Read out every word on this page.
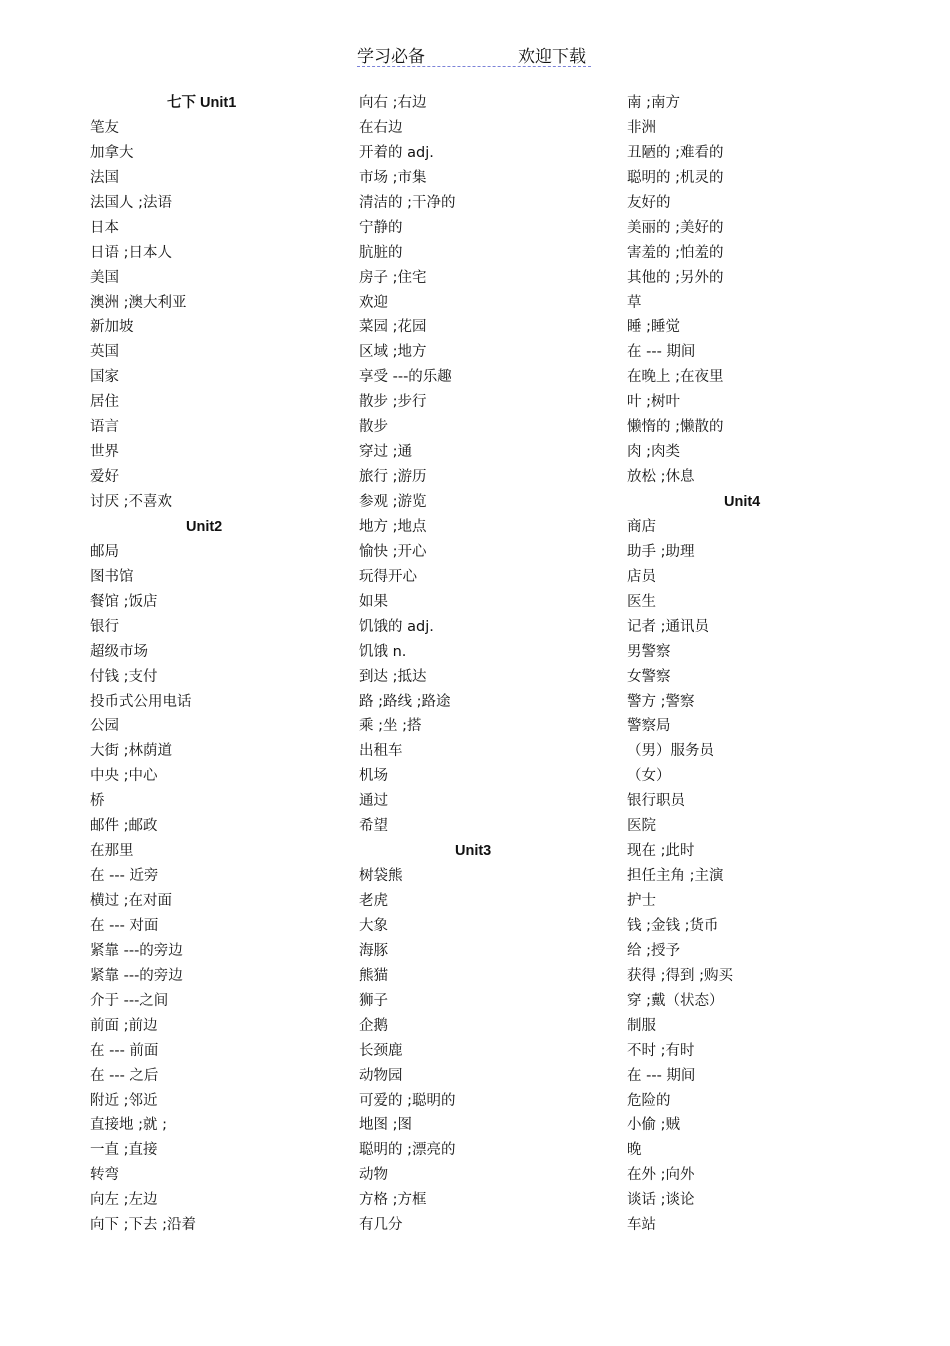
学习必备	欢迎下载
七下 Unit1
笔友
加拿大
法国
法国人 ;法语
日本
日语 ;日本人
美国
澳洲 ;澳大利亚
新加坡
英国
国家
居住
语言
世界
爱好
讨厌 ;不喜欢
Unit2
邮局
图书馆
餐馆 ;饭店
银行
超级市场
付钱 ;支付
投币式公用电话
公园
大街 ;林荫道
中央 ;中心
桥
邮件 ;邮政
在那里
在 --- 近旁
横过 ;在对面
在 --- 对面
紧靠 ---的旁边
紧靠 ---的旁边
介于 ---之间
前面 ;前边
在 --- 前面
在 --- 之后
附近 ;邻近
直接地 ;就 ;
一直 ;直接
转弯
向左 ;左边
向下 ;下去 ;沿着
向右 ;右边
在右边
开着的 adj.
市场 ;市集
清洁的 ;干净的
宁静的
肮脏的
房子 ;住宅
欢迎
菜园 ;花园
区域 ;地方
享受 ---的乐趣
散步 ;步行
散步
穿过 ;通
旅行 ;游历
参观 ;游览
地方 ;地点
愉快 ;开心
玩得开心
如果
饥饿的 adj.
饥饿 n.
到达 ;抵达
路 ;路线 ;路途
乘 ;坐 ;搭
出租车
机场
通过
希望
Unit3
树袋熊
老虎
大象
海豚
熊猫
狮子
企鹅
长颈鹿
动物园
可爱的 ;聪明的
地图 ;图
聪明的 ;漂亮的
动物
方格 ;方框
有几分
南 ;南方
非洲
丑陋的 ;难看的
聪明的 ;机灵的
友好的
美丽的 ;美好的
害羞的 ;怕羞的
其他的 ;另外的
草
睡 ;睡觉
在 --- 期间
在晚上 ;在夜里
叶 ;树叶
懒惰的 ;懒散的
肉 ;肉类
放松 ;休息
Unit4
商店
助手 ;助理
店员
医生
记者 ;通讯员
男警察
女警察
警方 ;警察
警察局
（男）服务员
（女）
银行职员
医院
现在 ;此时
担任主角 ;主演
护士
钱 ;金钱 ;货币
给 ;授予
获得 ;得到 ;购买
穿 ;戴（状态）
制服
不时 ;有时
在 --- 期间
危险的
小偷 ;贼
晚
在外 ;向外
谈话 ;谈论
车站
